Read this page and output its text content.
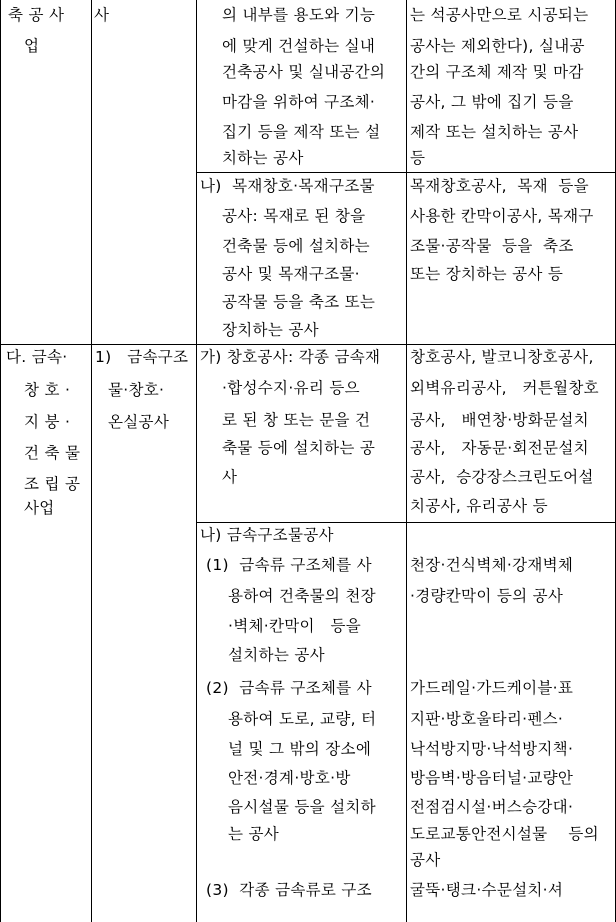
축 공 사
업
다. 금속·
창 호 ·
지 붕 ·
건 축 물
조 립 공
사업
사
1)   금속구조
물·창호·
온실공사
의 내부를 용도와 기능
에 맞게 건설하는 실내
건축공사 및 실내공간의
마감을 위하여 구조체·
집기 등을 제작 또는 설
치하는 공사
나)  목재창호·목재구조물
공사: 목재로 된 창을
건축물 등에 설치하는
공사 및 목재구조물·
공작물 등을 축조 또는
장치하는 공사
가) 창호공사: 각종 금속재
·합성수지·유리 등으
로 된 창 또는 문을 건
축물 등에 설치하는 공
사
나) 금속구조물공사
(1)  금속류 구조체를 사
용하여 건축물의 천장
·벽체·칸막이   등을
설치하는 공사
(2)  금속류 구조체를 사
용하여 도로, 교량, 터
널 및 그 밖의 장소에
안전·경계·방호·방
음시설물 등을 설치하
는 공사
(3)  각종 금속류로 구조
는 석공사만으로 시공되는
공사는 제외한다), 실내공
간의 구조체 제작 및 마감
공사, 그 밖에 집기 등을
제작 또는 설치하는 공사
등
목재창호공사,  목재  등을
사용한 칸막이공사, 목재구
조물·공작물  등을  축조
또는 장치하는 공사 등
창호공사, 발코니창호공사,
외벽유리공사,   커튼월창호
공사,   배연창·방화문설치
공사,   자동문·회전문설치
공사,  승강장스크린도어설
치공사, 유리공사 등
천장·건식벽체·강재벽체
·경량칸막이 등의 공사
가드레일·가드케이블·표
지판·방호울타리·펜스·
낙석방지망·낙석방지책·
방음벽·방음터널·교량안
전점검시설·버스승강대·
도로교통안전시설물    등의
공사
굴뚝·탱크·수문설치·셔
